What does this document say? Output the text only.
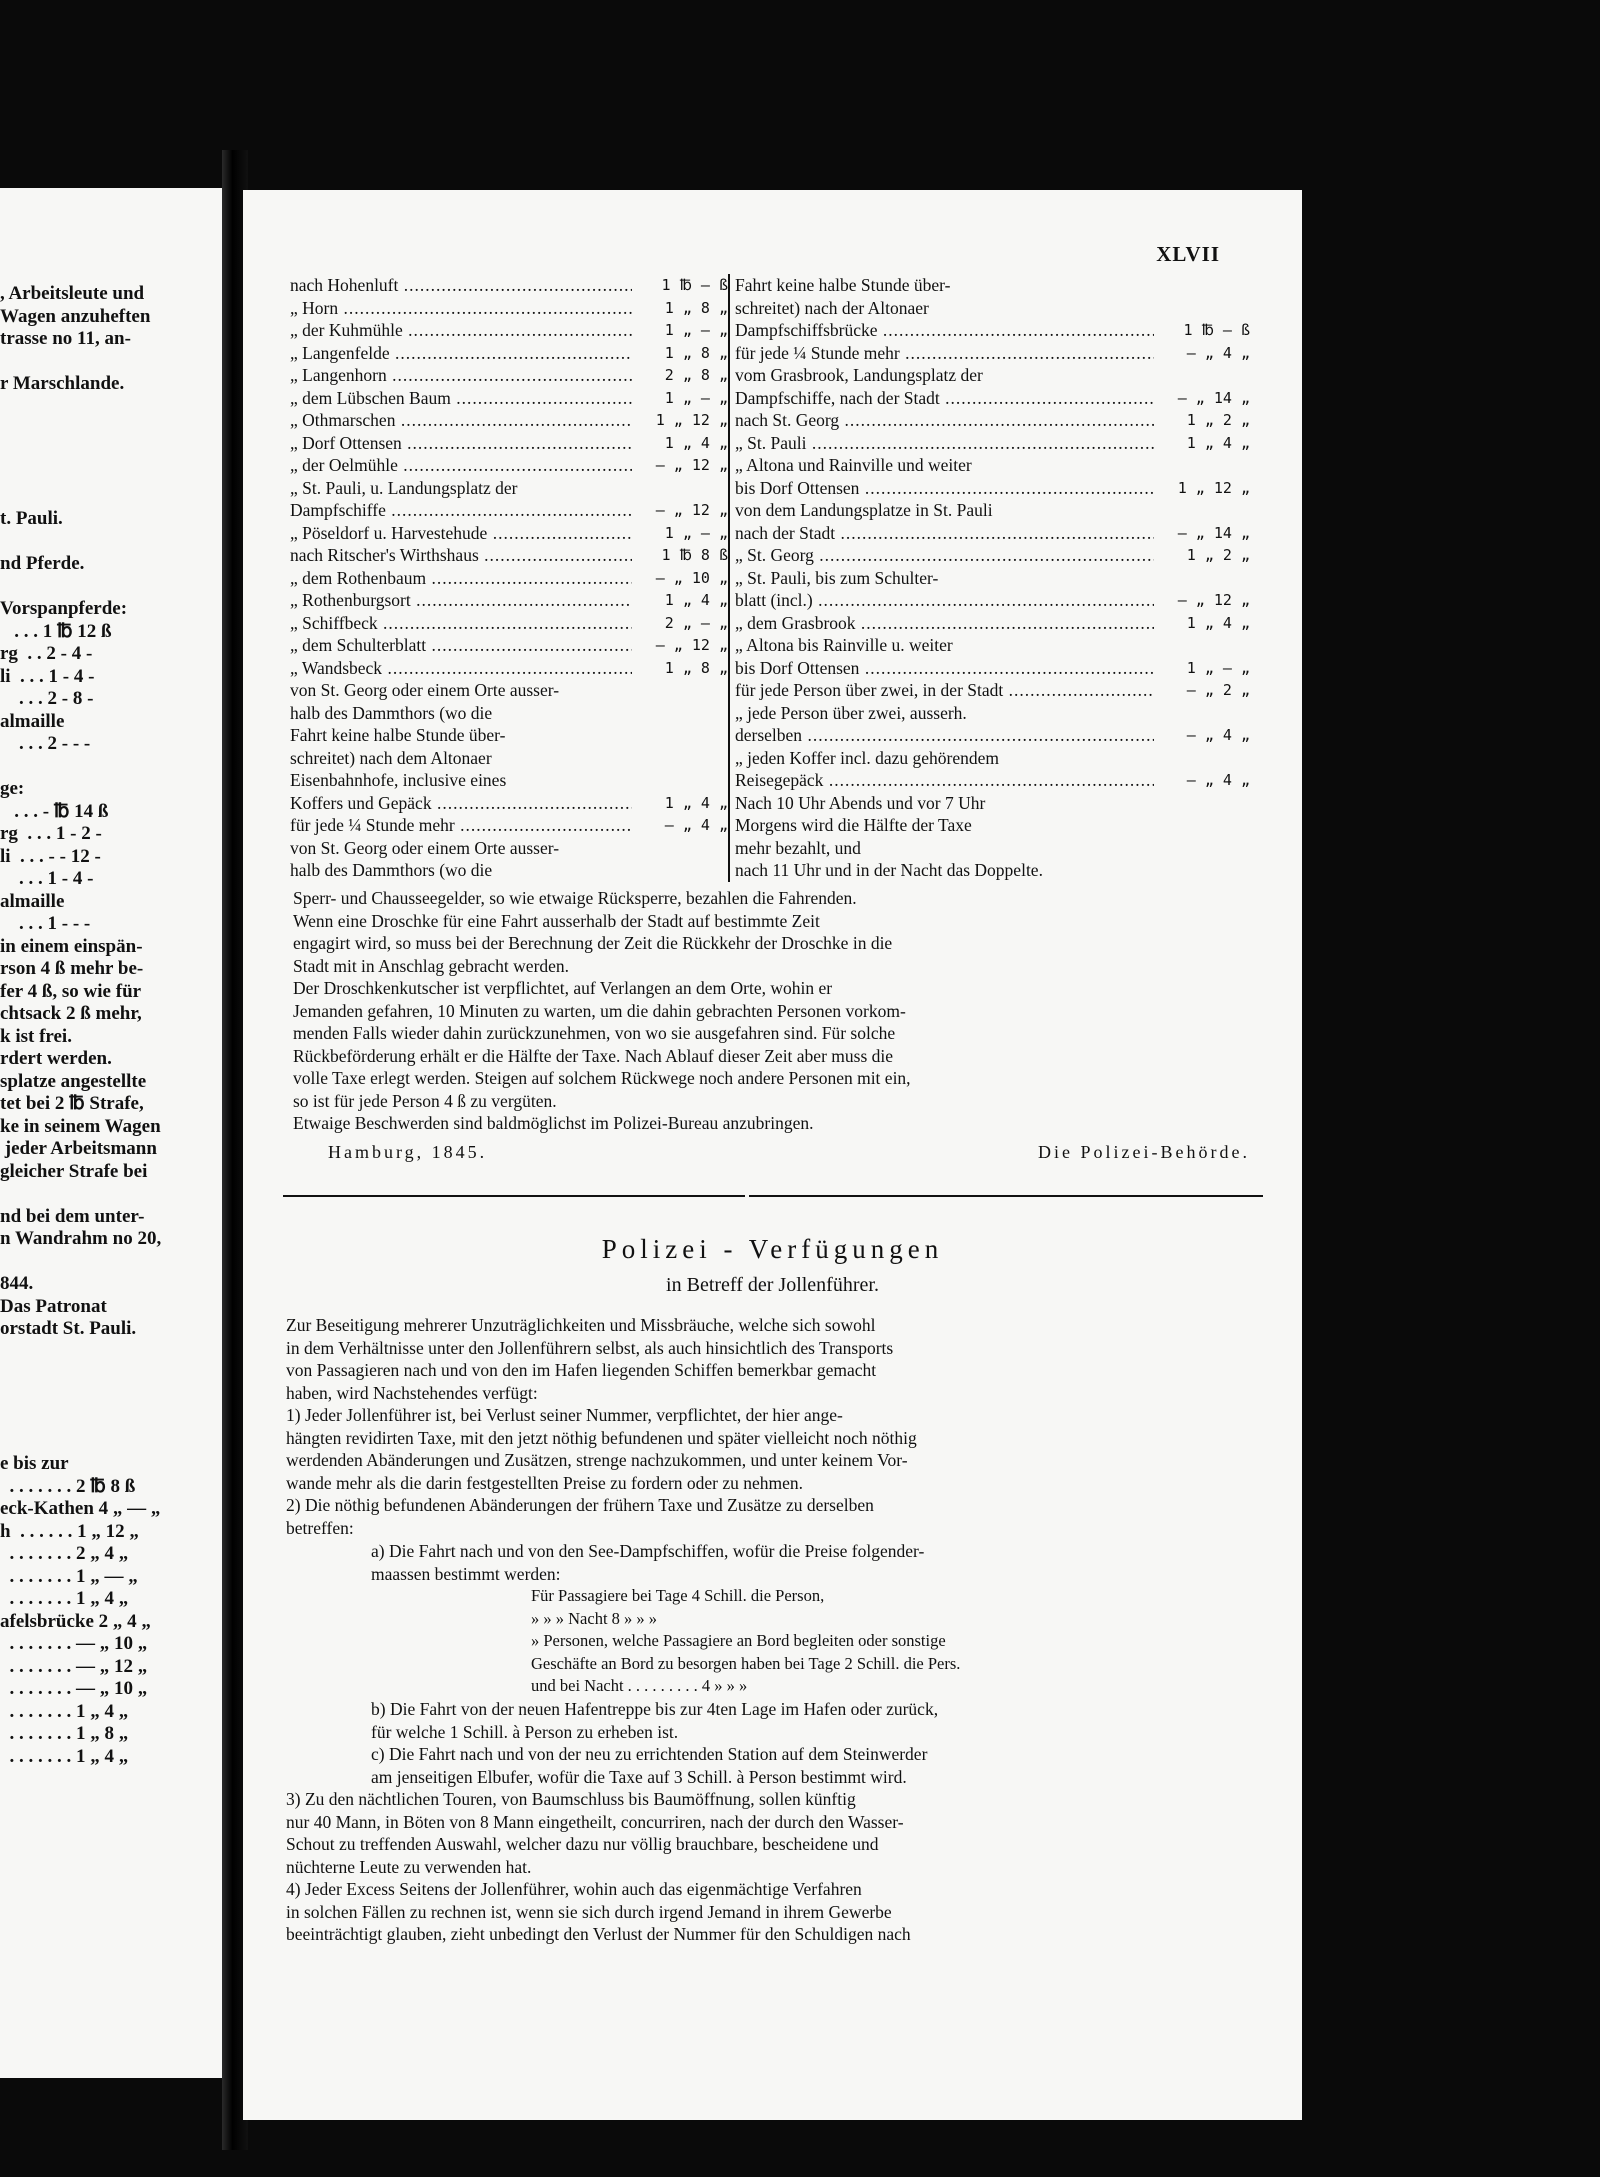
, Arbeitsleute und
Wagen anzuheften
trasse no 11, an-
r Marschlande.
t. Pauli.
nd Pferde.
Vorspanpferde:
. . . 1 ℔ 12 ß
rg  . . 2 - 4 -
li  . . . 1 - 4 -
. . . 2 - 8 -
almaille
. . . 2 - - -
ge:
. . . - ℔ 14 ß
rg  . . . 1 - 2 -
li  . . . - - 12 -
. . . 1 - 4 -
almaille
. . . 1 - - -
in einem einspän-
rson 4 ß mehr be-
fer 4 ß, so wie für
chtsack 2 ß mehr,
k ist frei.
rdert werden.
splatze angestellte
tet bei 2 ℔ Strafe,
ke in seinem Wagen
jeder Arbeitsmann
gleicher Strafe bei
nd bei dem unter-
n Wandrahm no 20,
844.
Das Patronat
orstadt St. Pauli.
e bis zur
. . . . . . . 2 ℔ 8 ß
eck-Kathen 4 „ — „
h  . . . . . . 1 „ 12 „
. . . . . . . 2 „ 4 „
. . . . . . . 1 „ — „
. . . . . . . 1 „ 4 „
afelsbrücke 2 „ 4 „
. . . . . . . — „ 10 „
. . . . . . . — „ 12 „
. . . . . . . — „ 10 „
. . . . . . . 1 „ 4 „
. . . . . . . 1 „ 8 „
. . . . . . . 1 „ 4 „
XLVII
nach Hohenluft .....	1 ℔ — ß
„ Horn .....	1 „ 8 „
„ der Kuhmühle .....	1 „ — „
„ Langenfelde .....	1 „ 8 „
„ Langenhorn .....	2 „ 8 „
„ dem Lübschen Baum .....	1 „ — „
„ Othmarschen .....	1 „ 12 „
„ Dorf Ottensen .....	1 „ 4 „
„ der Oelmühle .....	— „ 12 „
„ St. Pauli, u. Landungsplatz der
Dampfschiffe .....	— „ 12 „
„ Pöseldorf u. Harvestehude .....	1 „ — „
nach Ritscher's Wirthshaus .....	1 ℔ 8 ß
„ dem Rothenbaum .....	— „ 10 „
„ Rothenburgsort .....	1 „ 4 „
„ Schiffbeck .....	2 „ — „
„ dem Schulterblatt .....	— „ 12 „
„ Wandsbeck .....	1 „ 8 „
von St. Georg oder einem Orte ausser-
halb des Dammthors (wo die
Fahrt keine halbe Stunde über-
schreitet) nach dem Altonaer
Eisenbahnhofe, inclusive eines
Koffers und Gepäck .....	1 „ 4 „
für jede ¼ Stunde mehr .....	— „ 4 „
von St. Georg oder einem Orte ausser-
halb des Dammthors (wo die
Fahrt keine halbe Stunde über-
schreitet) nach der Altonaer
Dampfschiffsbrücke .....	1 ℔ — ß
für jede ¼ Stunde mehr .....	— „ 4 „
vom Grasbrook, Landungsplatz der
Dampfschiffe, nach der Stadt .....	— „ 14 „
nach St. Georg .....	1 „ 2 „
„ St. Pauli .....	1 „ 4 „
„ Altona und Rainville und weiter
bis Dorf Ottensen .....	1 „ 12 „
von dem Landungsplatze in St. Pauli
nach der Stadt .....	— „ 14 „
„ St. Georg .....	1 „ 2 „
„ St. Pauli, bis zum Schulter-
blatt (incl.) .....	— „ 12 „
„ dem Grasbrook .....	1 „ 4 „
„ Altona bis Rainville u. weiter
bis Dorf Ottensen .....	1 „ — „
für jede Person über zwei, in der Stadt .....	— „ 2 „
„ jede Person über zwei, ausserh.
derselben .....	— „ 4 „
„ jeden Koffer incl. dazu gehörendem
Reisegepäck .....	— „ 4 „
Nach 10 Uhr Abends und vor 7 Uhr
Morgens wird die Hälfte der Taxe
mehr bezahlt, und
nach 11 Uhr und in der Nacht das Doppelte.
Sperr- und Chausseegelder, so wie etwaige Rücksperre, bezahlen die Fahrenden.
Wenn eine Droschke für eine Fahrt ausserhalb der Stadt auf bestimmte Zeit
engagirt wird, so muss bei der Berechnung der Zeit die Rückkehr der Droschke in die
Stadt mit in Anschlag gebracht werden.
Der Droschkenkutscher ist verpflichtet, auf Verlangen an dem Orte, wohin er
Jemanden gefahren, 10 Minuten zu warten, um die dahin gebrachten Personen vorkom-
menden Falls wieder dahin zurückzunehmen, von wo sie ausgefahren sind. Für solche
Rückbeförderung erhält er die Hälfte der Taxe. Nach Ablauf dieser Zeit aber muss die
volle Taxe erlegt werden. Steigen auf solchem Rückwege noch andere Personen mit ein,
so ist für jede Person 4 ß zu vergüten.
Etwaige Beschwerden sind baldmöglichst im Polizei-Bureau anzubringen.
Hamburg, 1845.	Die Polizei-Behörde.
Polizei - Verfügungen
in Betreff der Jollenführer.
Zur Beseitigung mehrerer Unzuträglichkeiten und Missbräuche, welche sich sowohl
in dem Verhältnisse unter den Jollenführern selbst, als auch hinsichtlich des Transports
von Passagieren nach und von den im Hafen liegenden Schiffen bemerkbar gemacht
haben, wird Nachstehendes verfügt:
1) Jeder Jollenführer ist, bei Verlust seiner Nummer, verpflichtet, der hier ange-
hängten revidirten Taxe, mit den jetzt nöthig befundenen und später vielleicht noch nöthig
werdenden Abänderungen und Zusätzen, strenge nachzukommen, und unter keinem Vor-
wande mehr als die darin festgestellten Preise zu fordern oder zu nehmen.
2) Die nöthig befundenen Abänderungen der frühern Taxe und Zusätze zu derselben
betreffen:
a) Die Fahrt nach und von den See-Dampfschiffen, wofür die Preise folgender-
maassen bestimmt werden:
Für Passagiere bei Tage 4 Schill. die Person,
» » » Nacht 8 » » »
» Personen, welche Passagiere an Bord begleiten oder sonstige
Geschäfte an Bord zu besorgen haben bei Tage 2 Schill. die Pers.
und bei Nacht . . . . . . . . . 4 » » »
b) Die Fahrt von der neuen Hafentreppe bis zur 4ten Lage im Hafen oder zurück,
für welche 1 Schill. à Person zu erheben ist.
c) Die Fahrt nach und von der neu zu errichtenden Station auf dem Steinwerder
am jenseitigen Elbufer, wofür die Taxe auf 3 Schill. à Person bestimmt wird.
3) Zu den nächtlichen Touren, von Baumschluss bis Baumöffnung, sollen künftig
nur 40 Mann, in Böten von 8 Mann eingetheilt, concurriren, nach der durch den Wasser-
Schout zu treffenden Auswahl, welcher dazu nur völlig brauchbare, bescheidene und
nüchterne Leute zu verwenden hat.
4) Jeder Excess Seitens der Jollenführer, wohin auch das eigenmächtige Verfahren
in solchen Fällen zu rechnen ist, wenn sie sich durch irgend Jemand in ihrem Gewerbe
beeinträchtigt glauben, zieht unbedingt den Verlust der Nummer für den Schuldigen nach
